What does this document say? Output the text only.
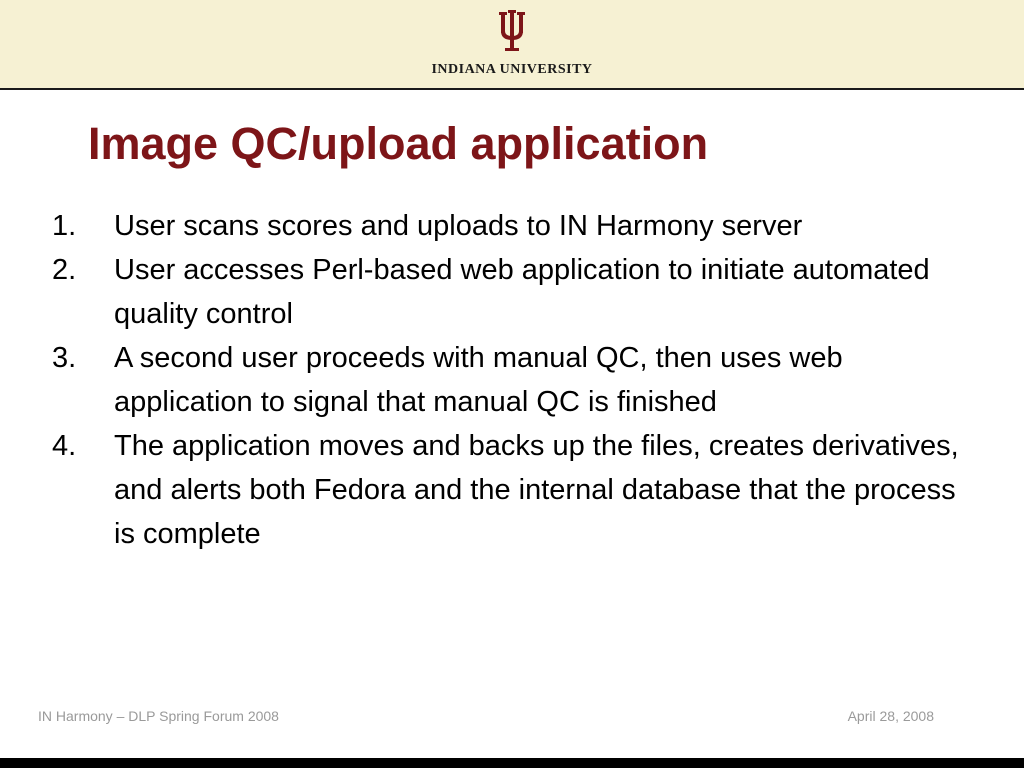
INDIANA UNIVERSITY
Image QC/upload application
1.	User scans scores and uploads to IN Harmony server
2.	User accesses Perl-based web application to initiate automated quality control
3.	A second user proceeds with manual QC, then uses web application to signal that manual QC is finished
4.	The application moves and backs up the files, creates derivatives, and alerts both Fedora and the internal database that the process is complete
IN Harmony – DLP Spring Forum 2008	April 28, 2008
